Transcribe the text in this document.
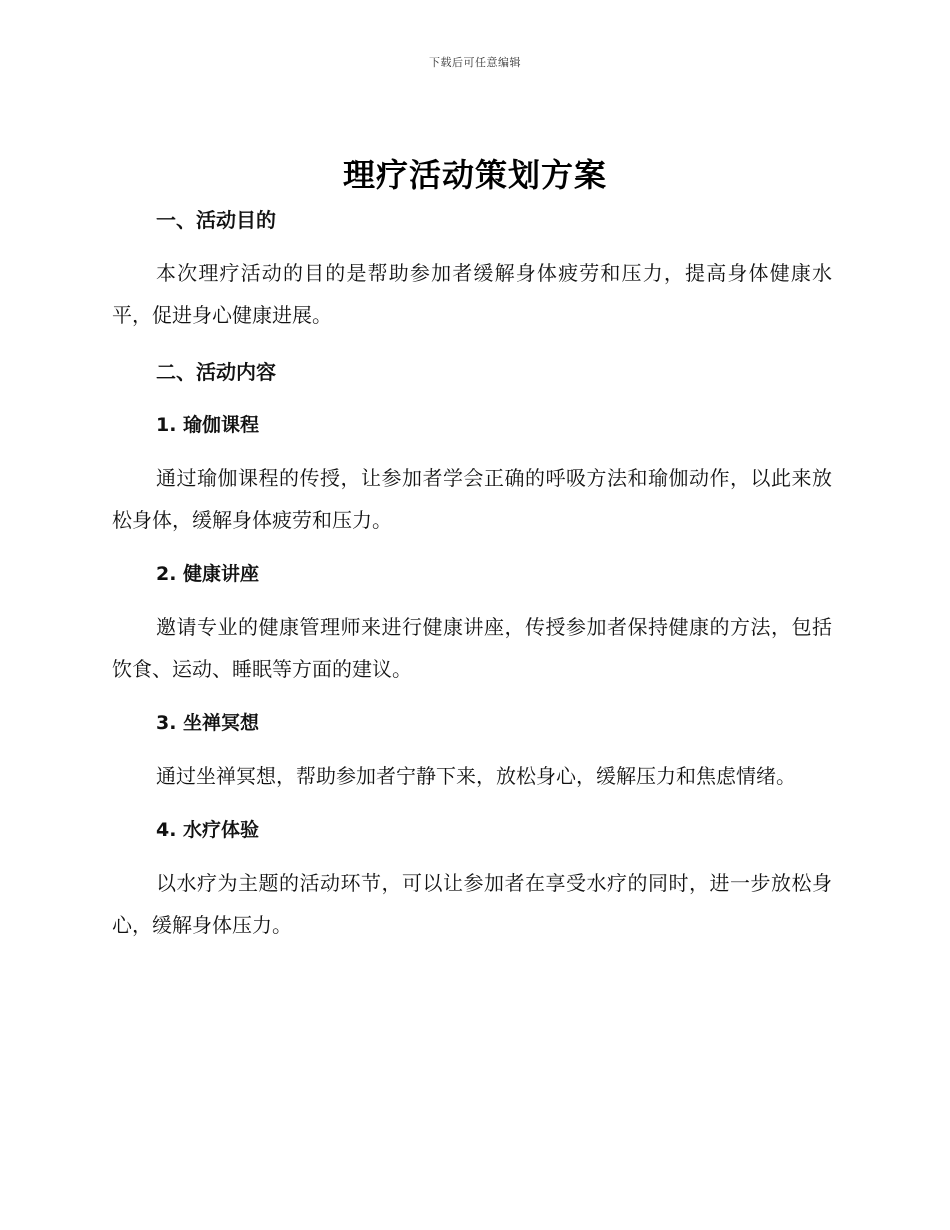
下载后可任意编辑
理疗活动策划方案
一、活动目的

本次理疗活动的目的是帮助参加者缓解身体疲劳和压力，提高身体健康水平，促进身心健康进展。

二、活动内容
1. 瑜伽课程

通过瑜伽课程的传授，让参加者学会正确的呼吸方法和瑜伽动作，以此来放松身体，缓解身体疲劳和压力。

2. 健康讲座

邀请专业的健康管理师来进行健康讲座，传授参加者保持健康的方法，包括饮食、运动、睡眠等方面的建议。

3. 坐禅冥想

通过坐禅冥想，帮助参加者宁静下来，放松身心，缓解压力和焦虑情绪。

4. 水疗体验

以水疗为主题的活动环节，可以让参加者在享受水疗的同时，进一步放松身心，缓解身体压力。
